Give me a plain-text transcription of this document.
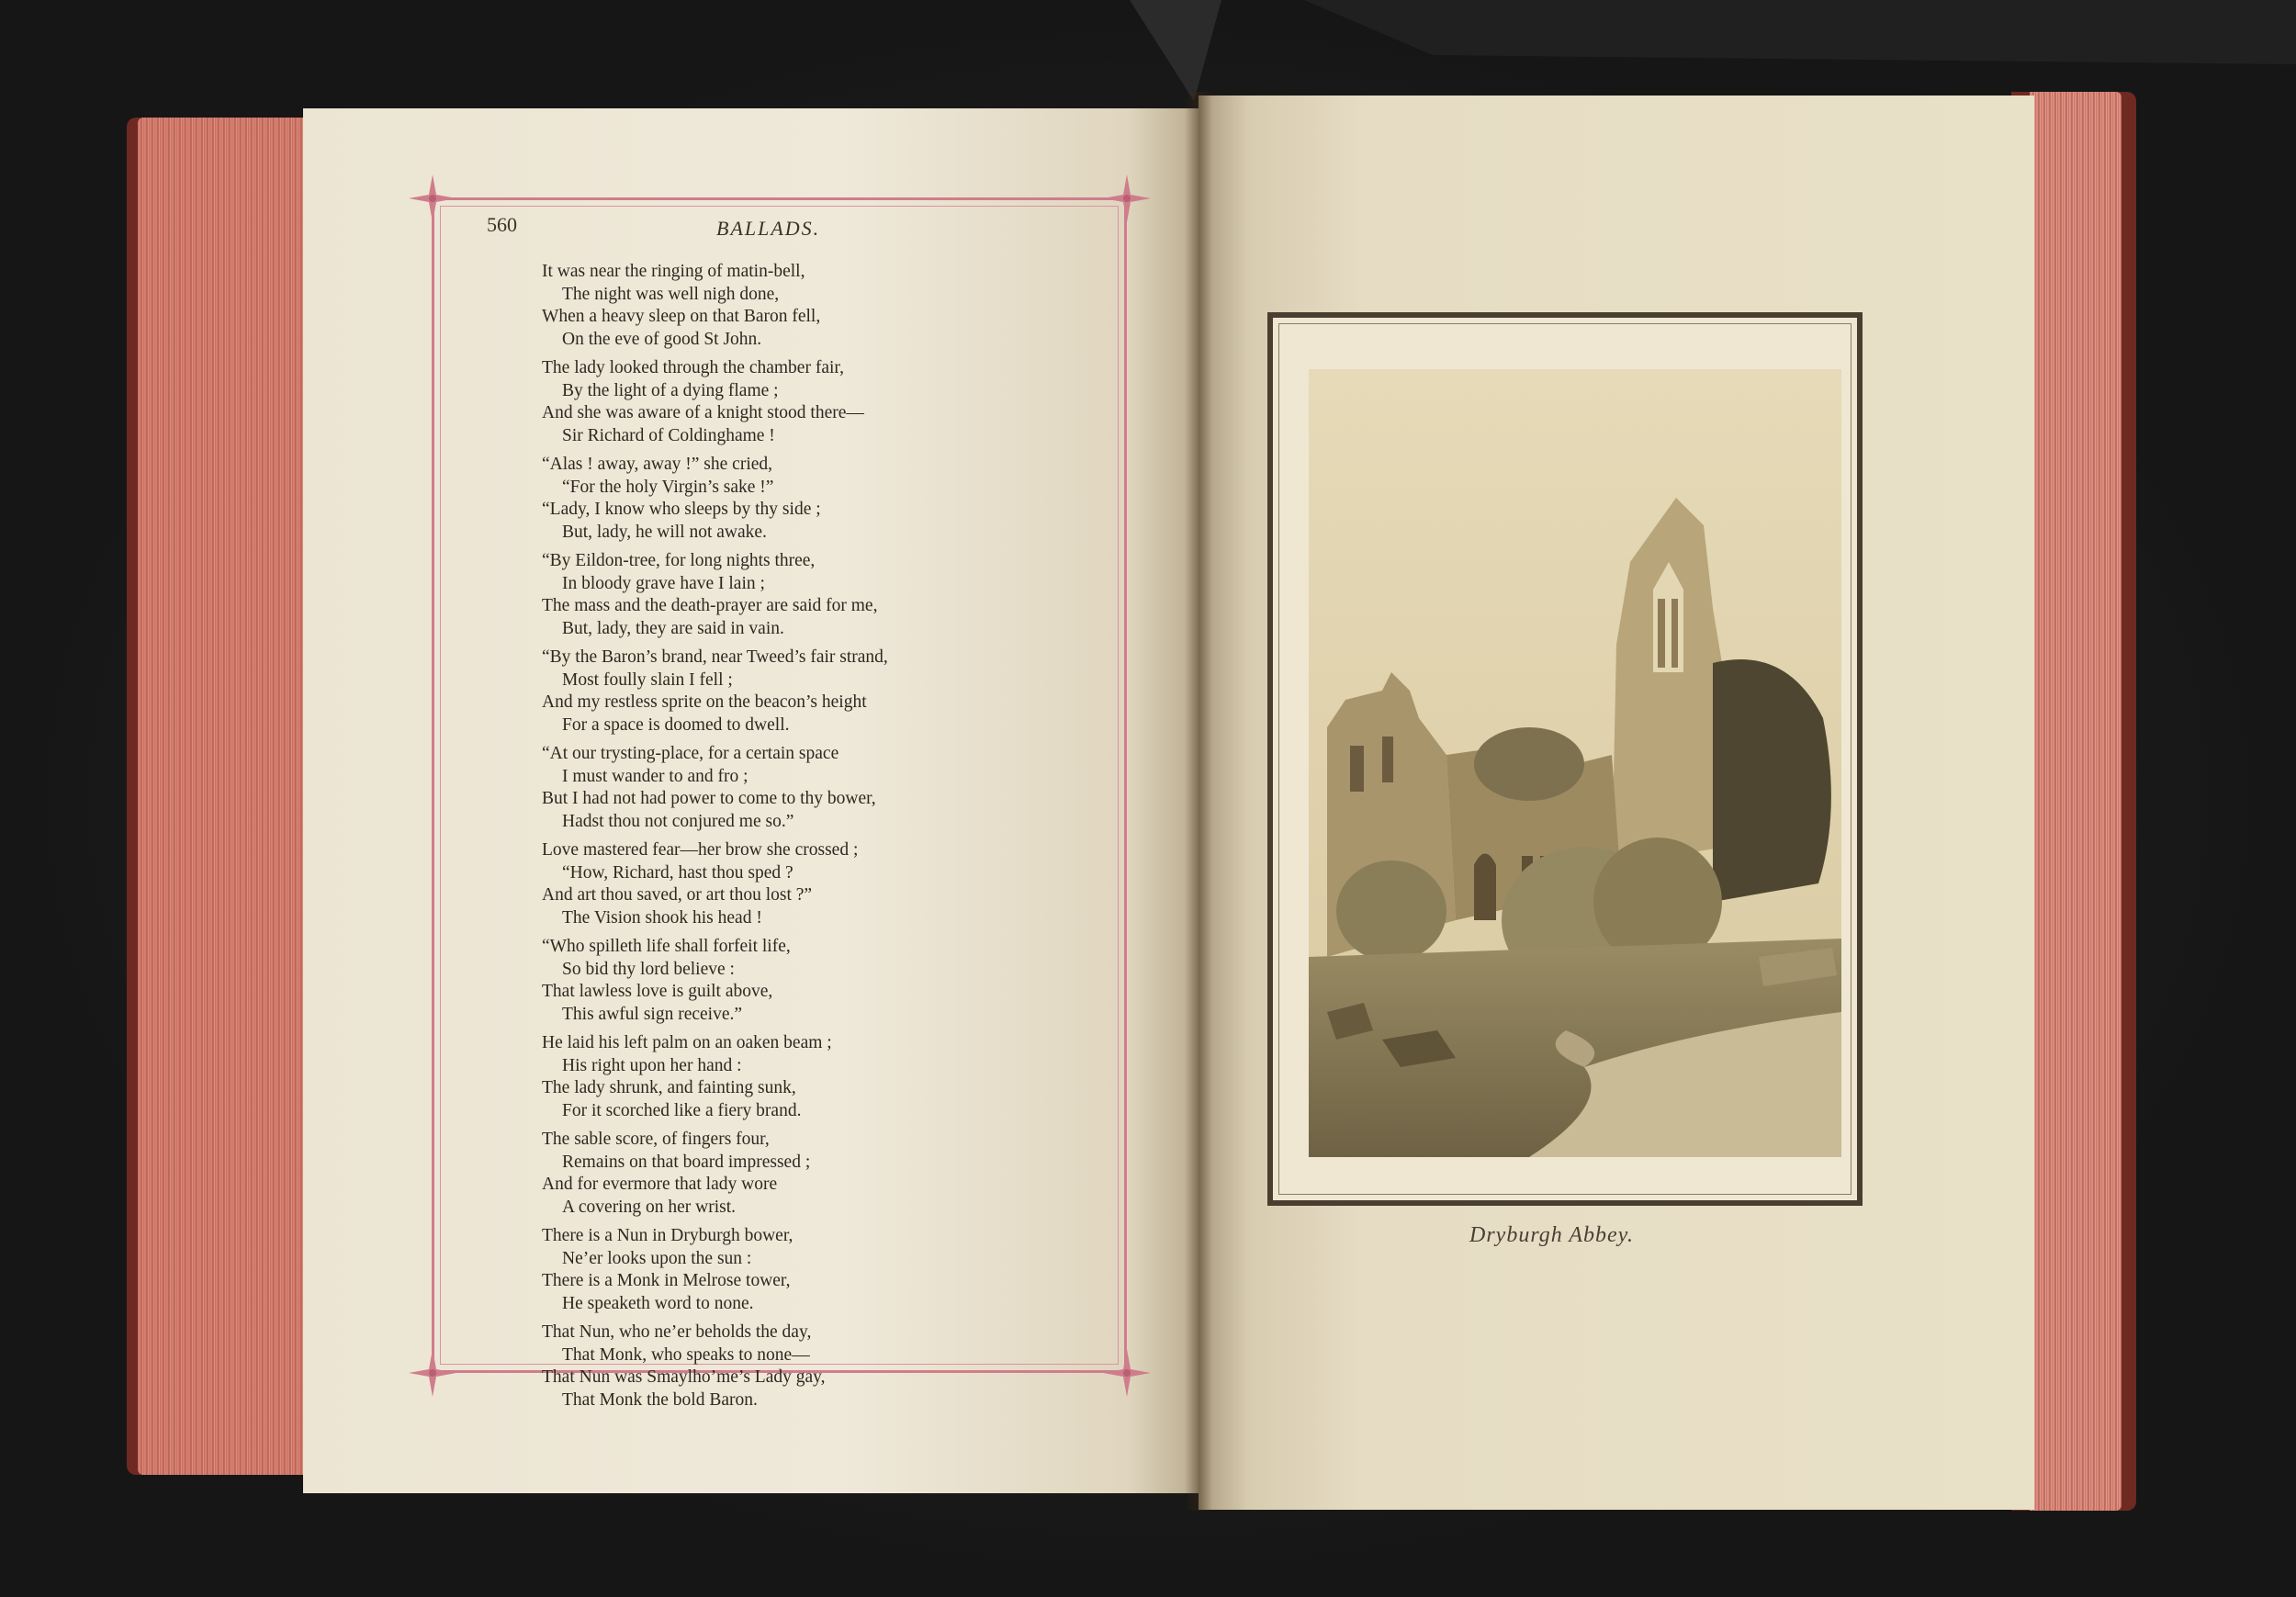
560	BALLADS.
It was near the ringing of matin-bell,
The night was well nigh done,
When a heavy sleep on that Baron fell,
On the eve of good St John.
The lady looked through the chamber fair,
By the light of a dying flame ;
And she was aware of a knight stood there—
Sir Richard of Coldinghame !
“Alas ! away, away !” she cried,
“For the holy Virgin’s sake !”
“Lady, I know who sleeps by thy side ;
But, lady, he will not awake.
“By Eildon-tree, for long nights three,
In bloody grave have I lain ;
The mass and the death-prayer are said for me,
But, lady, they are said in vain.
“By the Baron’s brand, near Tweed’s fair strand,
Most foully slain I fell ;
And my restless sprite on the beacon’s height
For a space is doomed to dwell.
“At our trysting-place, for a certain space
I must wander to and fro ;
But I had not had power to come to thy bower,
Hadst thou not conjured me so.”
Love mastered fear—her brow she crossed ;
“How, Richard, hast thou sped ?
And art thou saved, or art thou lost ?”
The Vision shook his head !
“Who spilleth life shall forfeit life,
So bid thy lord believe :
That lawless love is guilt above,
This awful sign receive.”
He laid his left palm on an oaken beam ;
His right upon her hand :
The lady shrunk, and fainting sunk,
For it scorched like a fiery brand.
The sable score, of fingers four,
Remains on that board impressed ;
And for evermore that lady wore
A covering on her wrist.
There is a Nun in Dryburgh bower,
Ne’er looks upon the sun :
There is a Monk in Melrose tower,
He speaketh word to none.
That Nun, who ne’er beholds the day,
That Monk, who speaks to none—
That Nun was Smaylho’me’s Lady gay,
That Monk the bold Baron.
Dryburgh Abbey.
